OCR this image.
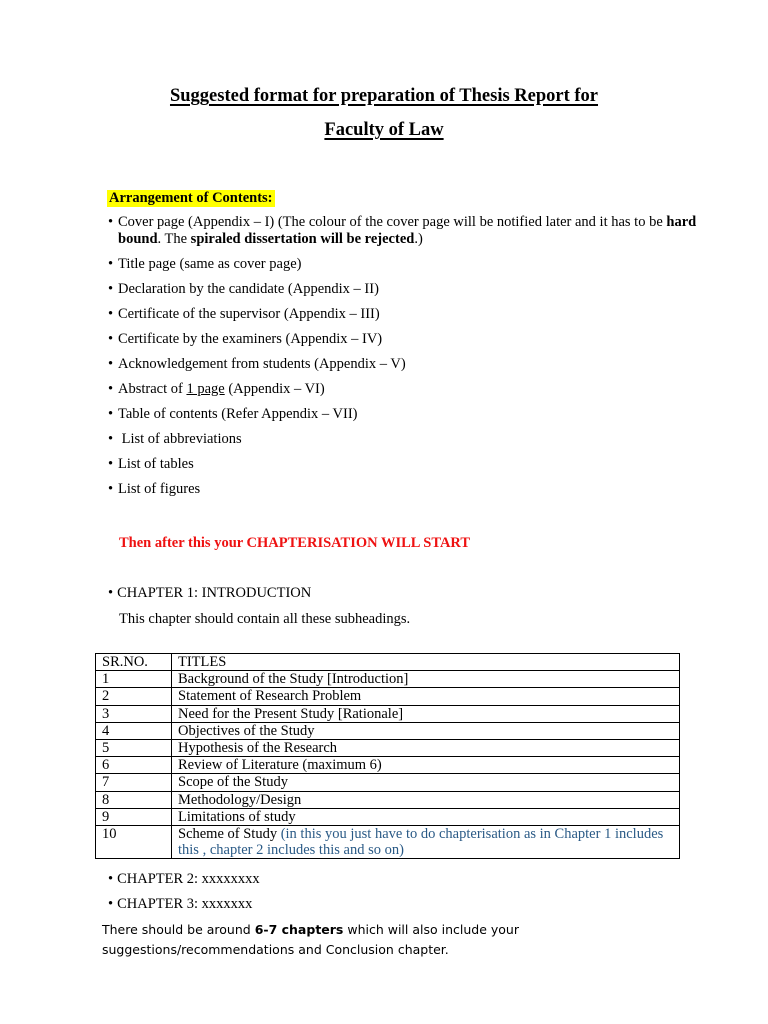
Suggested format for preparation of Thesis Report for
Faculty of Law
Arrangement of Contents:
• Cover page (Appendix – I) (The colour of the cover page will be notified later and it has to be hard bound. The spiraled dissertation will be rejected.)
• Title page (same as cover page)
• Declaration by the candidate (Appendix – II)
• Certificate of the supervisor (Appendix – III)
• Certificate by the examiners (Appendix – IV)
• Acknowledgement from students (Appendix – V)
• Abstract of 1 page (Appendix – VI)
• Table of contents (Refer Appendix – VII)
• List of abbreviations
• List of tables
• List of figures
Then after this your CHAPTERISATION WILL START
• CHAPTER 1: INTRODUCTION
This chapter should contain all these subheadings.
SR.NO.	TITLES
1	Background of the Study [Introduction]
2	Statement of Research Problem
3	Need for the Present Study [Rationale]
4	Objectives of the Study
5	Hypothesis of the Research
6	Review of Literature (maximum 6)
7	Scope of the Study
8	Methodology/Design
9	Limitations of study
10	Scheme of Study (in this you just have to do chapterisation as in Chapter 1 includes this , chapter 2 includes this and so on)
• CHAPTER 2: xxxxxxxx
• CHAPTER 3: xxxxxxx
There should be around 6-7 chapters which will also include your suggestions/recommendations and Conclusion chapter.
